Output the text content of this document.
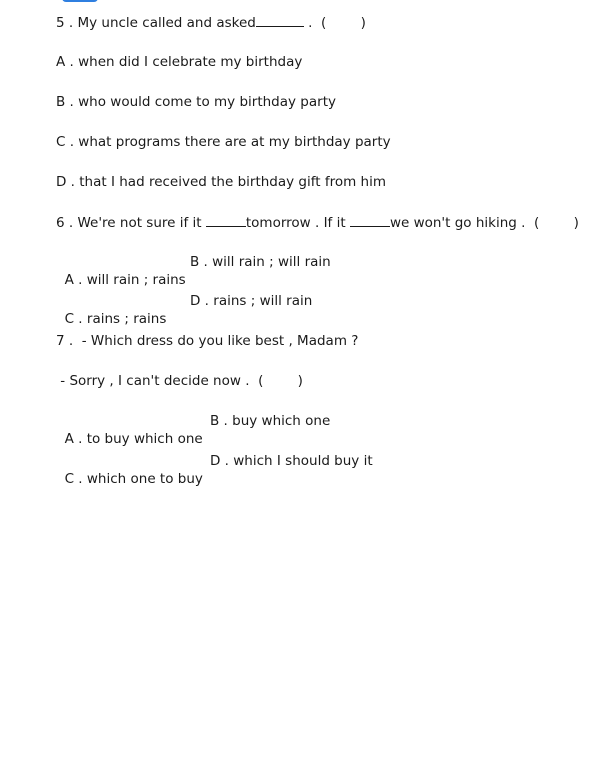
5 . My uncle called and asked	.  (        )
A . when did I celebrate my birthday
B . who would come to my birthday party
C . what programs there are at my birthday party
D . that I had received the birthday gift from him
6 . We're not sure if it	tomorrow . If it	we won't go hiking .  (        )

A . will rain ; rains

B . will rain ; will rain

C . rains ; rains

D . rains ; will rain

7 .  - Which dress do you like best , Madam ?
- Sorry , I can't decide now .  (        )

A . to buy which one

B . buy which one

C . which one to buy

D . which I should buy it
